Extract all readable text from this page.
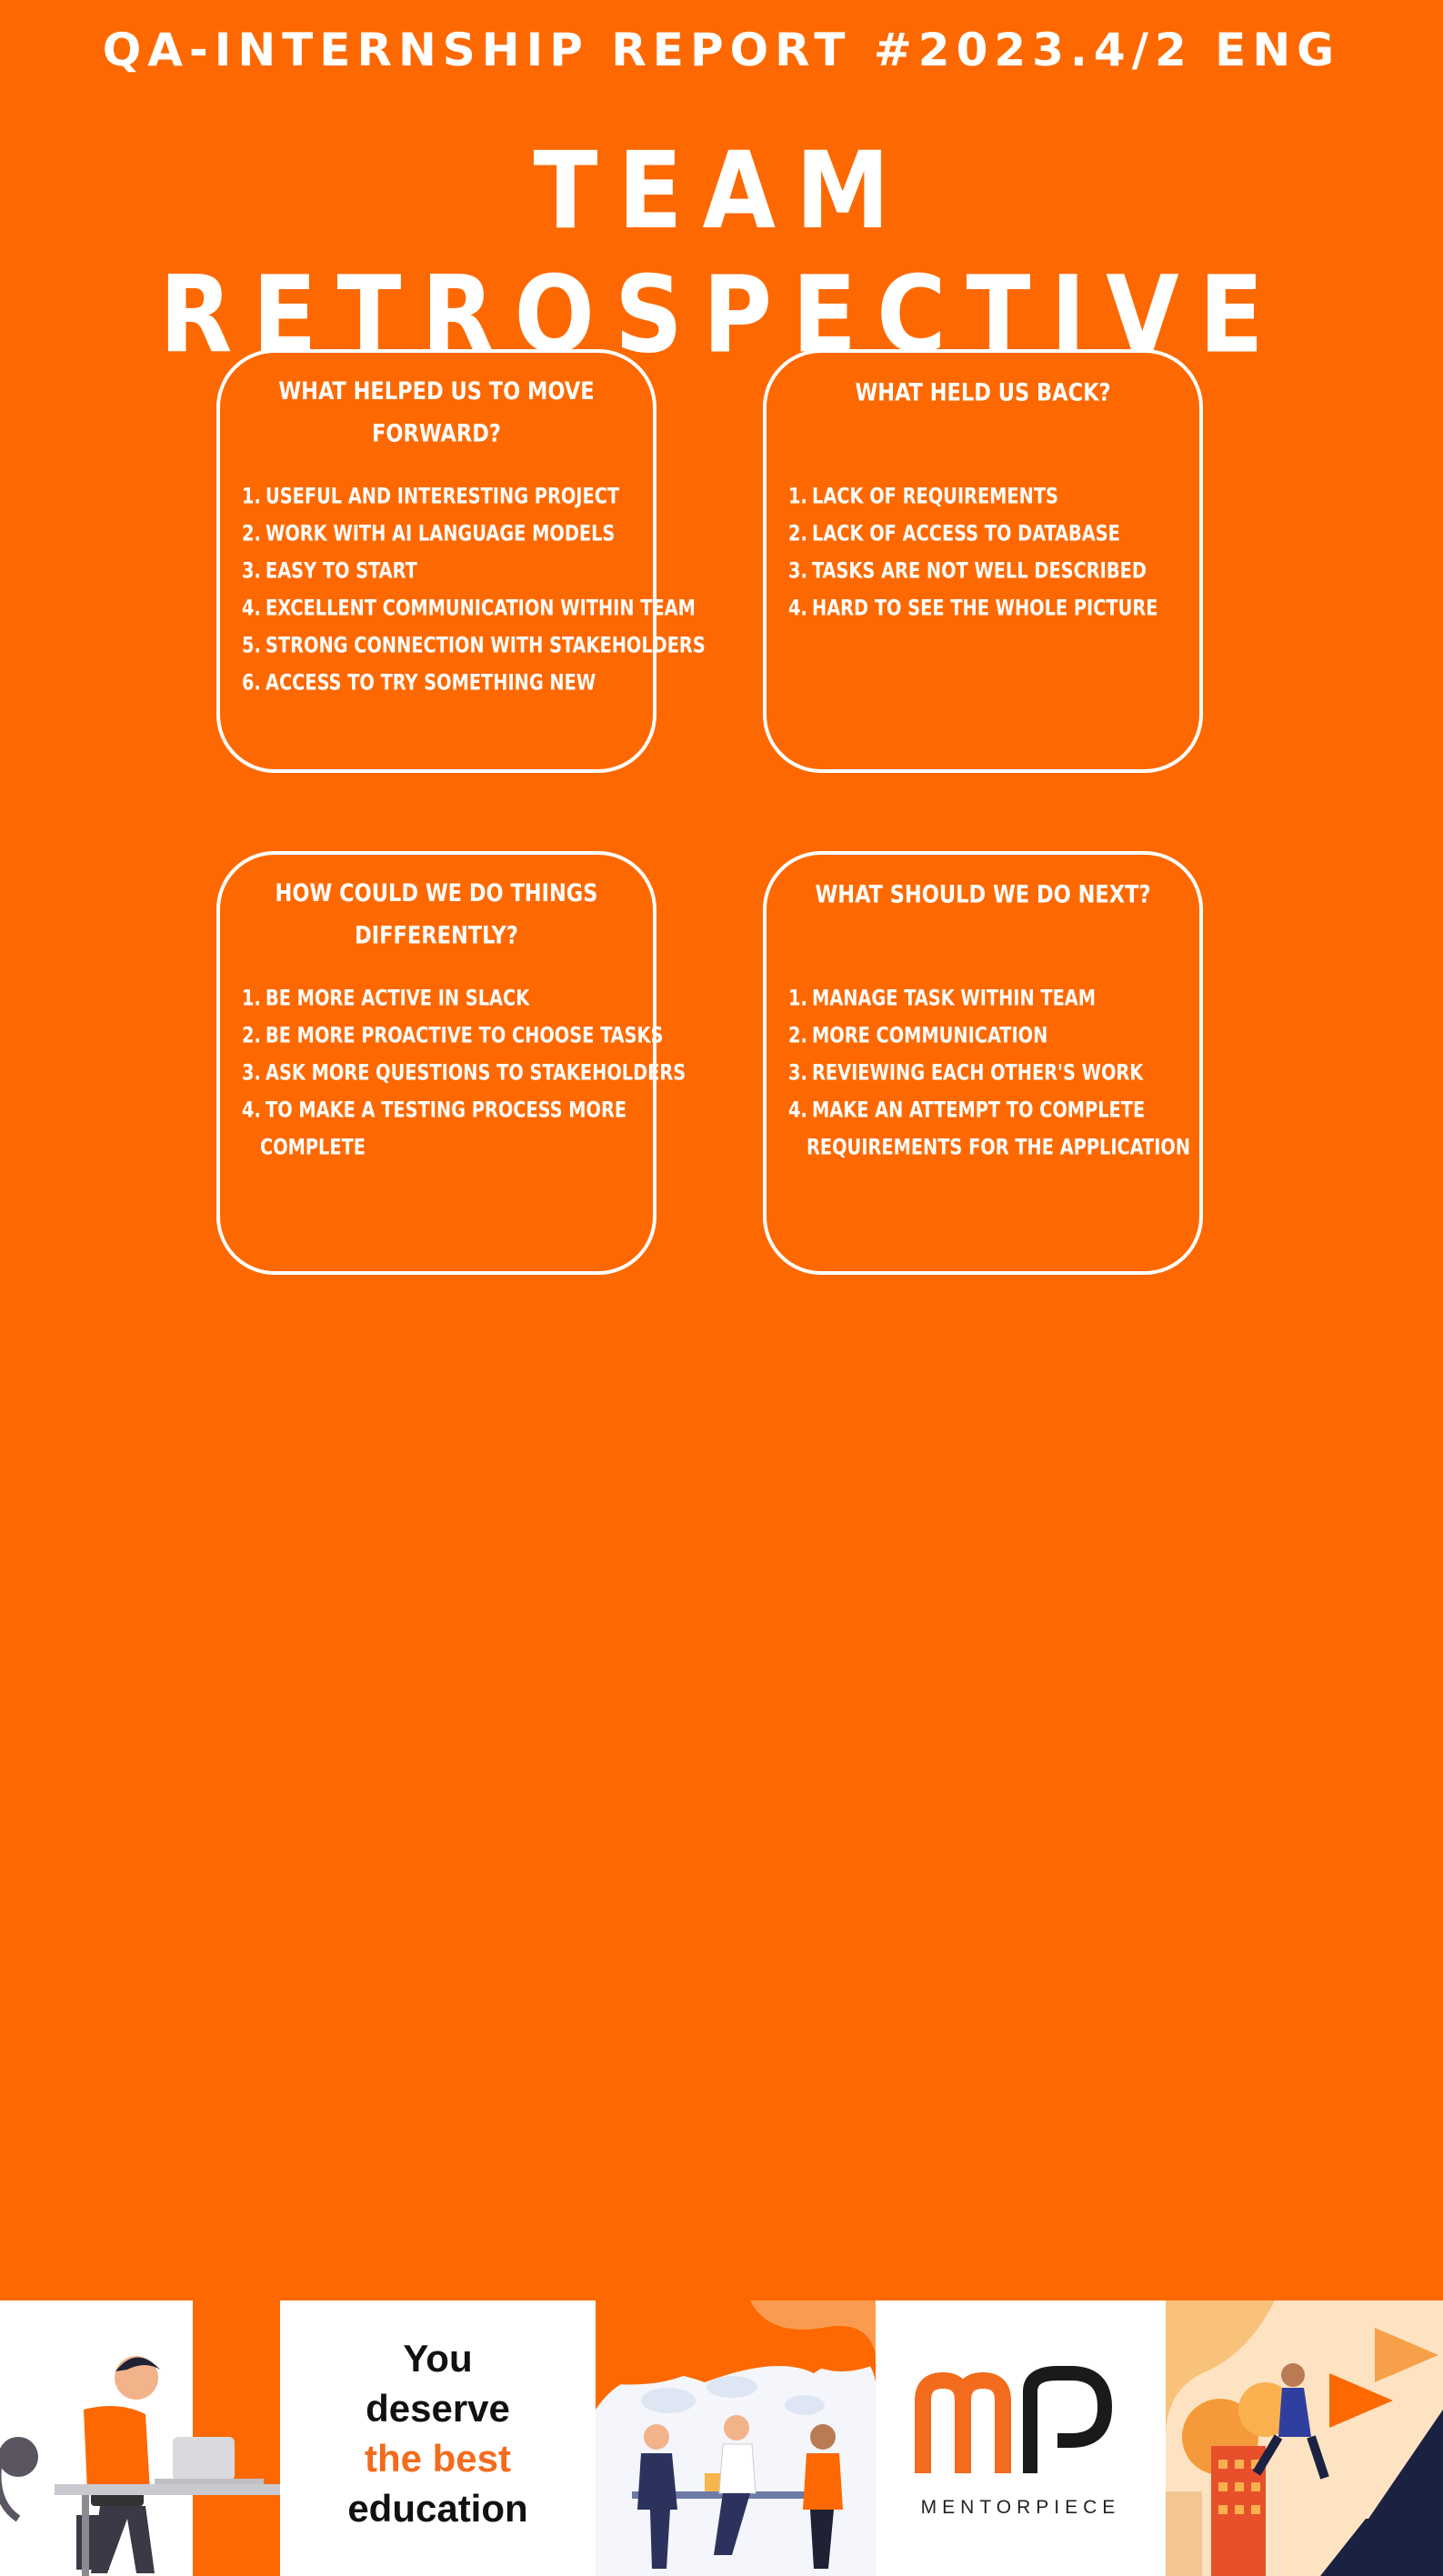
QA-INTERNSHIP REPORT #2023.4/2 ENG
TEAM RETROSPECTIVE
WHAT HELPED US TO MOVE
FORWARD?
1. USEFUL AND INTERESTING PROJECT
2. WORK WITH AI LANGUAGE MODELS
3. EASY TO START
4. EXCELLENT COMMUNICATION WITHIN TEAM
5. STRONG CONNECTION WITH STAKEHOLDERS
6. ACCESS TO TRY SOMETHING NEW
WHAT HELD US BACK?
1. LACK OF REQUIREMENTS
2. LACK OF ACCESS TO DATABASE
3. TASKS ARE NOT WELL DESCRIBED
4. HARD TO SEE THE WHOLE PICTURE
HOW COULD WE DO THINGS
DIFFERENTLY?
1. BE MORE ACTIVE IN SLACK
2. BE MORE PROACTIVE TO CHOOSE TASKS
3. ASK MORE QUESTIONS TO STAKEHOLDERS
4. TO MAKE A TESTING PROCESS MORE
COMPLETE
WHAT SHOULD WE DO NEXT?
1. MANAGE TASK WITHIN TEAM
2. MORE COMMUNICATION
3. REVIEWING EACH OTHER'S WORK
4. MAKE AN ATTEMPT TO COMPLETE
REQUIREMENTS FOR THE APPLICATION
You
deserve
the best
education	MENTORPIECE
